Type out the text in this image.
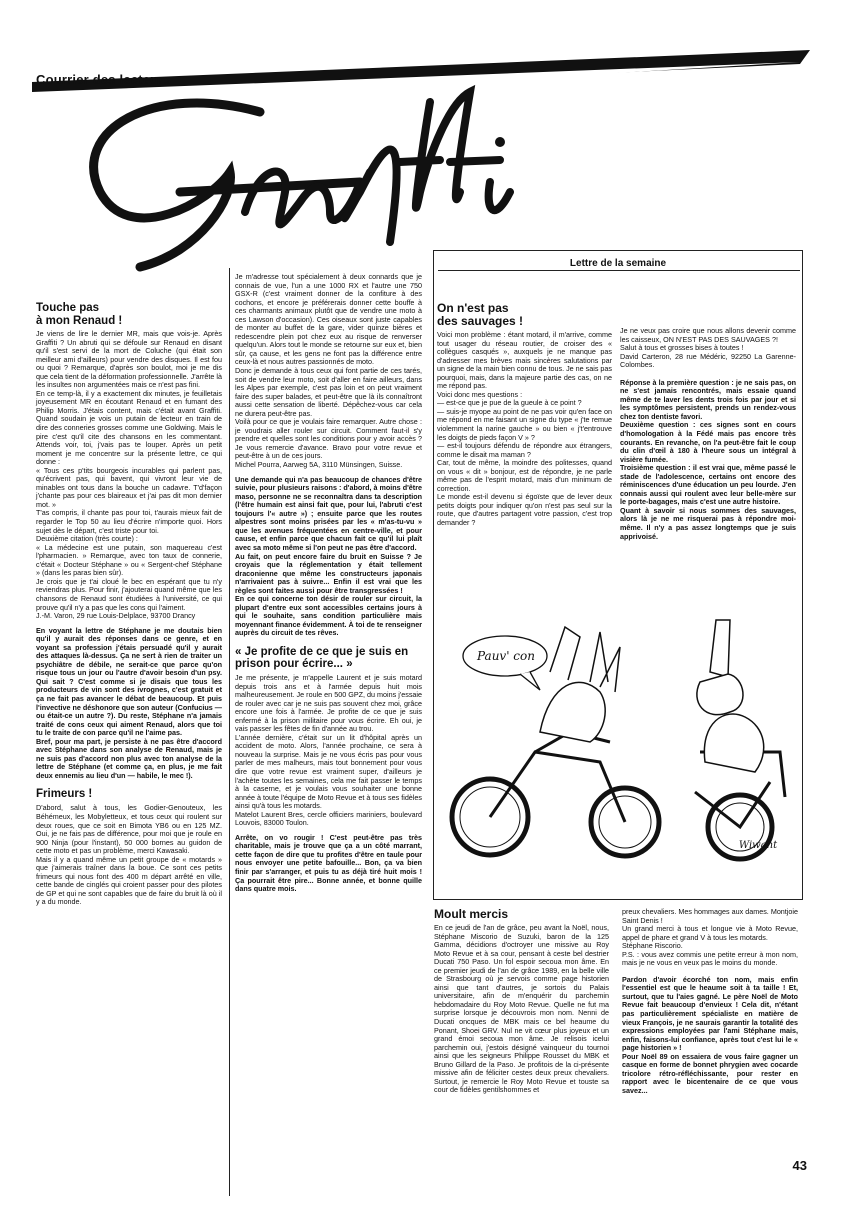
Courrier des lecteurs
Touche pas
à mon Renaud !
Je viens de lire le dernier MR, mais que vois-je. Après Graffiti ? Un abruti qui se défoule sur Renaud en disant qu'il s'est servi de la mort de Coluche (qui était son meilleur ami d'ailleurs) pour vendre des disques. Il est fou ou quoi ? Remarque, d'après son boulot, moi je me dis que cela tient de la déformation professionnelle. J'arrête là les insultes non argumentées mais ce n'est pas fini.
En ce temp-là, il y a exactement dix minutes, je feuilletais joyeusement MR en écoutant Renaud et en fumant des Philip Morris. J'étais content, mais c'était avant Graffiti. Quand soudain je vois un putain de lecteur en train de dire des conneries grosses comme une Goldwing. Mais le pire c'est qu'il cite des chansons en les commentant. Attends voir, toi, j'vais pas te louper. Après un petit moment je me concentre sur la présente lettre, ce qui donne :
« Tous ces p'tits bourgeois incurables qui parlent pas, qu'écrivent pas, qui bavent, qui vivront leur vie de minables ont tous dans la bouche un cadavre. T'd'façon j'chante pas pour ces blaireaux et j'ai pas dit mon dernier mot. »
T'as compris, il chante pas pour toi, t'aurais mieux fait de regarder le Top 50 au lieu d'écrire n'importe quoi. Hors sujet dès le départ, c'est triste pour toi.
Deuxième citation (très courte) :
« La médecine est une putain, son maquereau c'est l'pharmacien. » Remarque, avec ton taux de connerie, c'était « Docteur Stéphane » ou « Sergent-chef Stéphane » (dans les paras bien sûr).
Je crois que je t'ai cloué le bec en espérant que tu n'y reviendras plus. Pour finir, j'ajouterai quand même que les chansons de Renaud sont étudiées à l'université, ce qui prouve qu'il n'y a pas que les cons qui l'aiment.
J.-M. Varon, 29 rue Louis-Delplace, 93700 Drancy
En voyant la lettre de Stéphane je me doutais bien qu'il y aurait des réponses dans ce genre, et en voyant sa profession j'étais persuadé qu'il y aurait des attaques là-dessus. Ça ne sert à rien de traiter un psychiâtre de débile, ne serait-ce que parce qu'on risque tous un jour ou l'autre d'avoir besoin d'un psy. Qui sait ? C'est comme si je disais que tous les producteurs de vin sont des ivrognes, c'est gratuit et ça ne fait pas avancer le débat de beaucoup. Et puis l'invective ne déshonore que son auteur (Confucius — ou était-ce un autre ?). Du reste, Stéphane n'a jamais traité de cons ceux qui aiment Renaud, alors que toi tu le traite de con parce qu'il ne l'aime pas.
Bref, pour ma part, je persiste à ne pas être d'accord avec Stéphane dans son analyse de Renaud, mais je ne suis pas d'accord non plus avec ton analyse de la lettre de Stéphane (et comme ça, en plus, je me fait deux ennemis au lieu d'un — habile, le mec !).
Frimeurs !
D'abord, salut à tous, les Godier-Genouteux, les Béhémeux, les Mobyletteux, et tous ceux qui roulent sur deux roues, que ce soit en Bimota YB6 ou en 125 MZ. Oui, je ne fais pas de différence, pour moi que je roule en 900 Ninja (pour l'instant), 50 000 bornes au guidon de cette moto et pas un problème, merci Kawasaki.
Mais il y a quand même un petit groupe de « motards » que j'aimerais traîner dans la boue. Ce sont ces petits frimeurs qui nous font des 400 m départ arrêté en ville, cette bande de cinglés qui croient passer pour des pilotes de GP et qui ne sont capables que de faire du bruit là où il y a du monde.
Je m'adresse tout spécialement à deux connards que je connais de vue, l'un a une 1000 RX et l'autre une 750 GSX-R (c'est vraiment donner de la confiture à des cochons, et encore je préférerais donner cette bouffe à ces charmants animaux plutôt que de vendre une moto à ces Lawson d'occasion). Ces oiseaux sont juste capables de monter au buffet de la gare, vider quinze bières et redescendre plein pot chez eux au risque de renverser quelqu'un. Alors tout le monde se retourne sur eux et, bien sûr, ça cause, et les gens ne font pas la différence entre ceux-là et nous autres passionnés de moto.
Donc je demande à tous ceux qui font partie de ces tarés, soit de vendre leur moto, soit d'aller en faire ailleurs, dans les Alpes par exemple, c'est pas loin et on peut vraiment faire des super balades, et peut-être que là ils connaîtront aussi cette sensation de liberté. Dépêchez-vous car cela ne durera peut-être pas.
Voilà pour ce que je voulais faire remarquer. Autre chose : je voudrais aller rouler sur circuit. Comment faut-il s'y prendre et quelles sont les conditions pour y avoir accès ? Je vous remercie d'avance. Bravo pour votre revue et peut-être à un de ces jours.
Michel Pourra, Aarweg 5A, 3110 Münsingen, Suisse.
Une demande qui n'a pas beaucoup de chances d'être suivie, pour plusieurs raisons : d'abord, à moins d'être maso, personne ne se reconnaîtra dans ta description (l'être humain est ainsi fait que, pour lui, l'abruti c'est toujours l'« autre ») ; ensuite parce que les routes alpestres sont moins prisées par les « m'as-tu-vu » que les avenues fréquentées en centre-ville, et pour cause, et enfin parce que chacun fait ce qu'il lui plaît avec sa moto même si l'on peut ne pas être d'accord.
Au fait, on peut encore faire du bruit en Suisse ? Je croyais que la réglementation y était tellement draconienne que même les constructeurs japonais n'arrivaient pas à suivre... Enfin il est vrai que les règles sont faites aussi pour être transgressées !
En ce qui concerne ton désir de rouler sur circuit, la plupart d'entre eux sont accessibles certains jours à qui le souhaite, sans condition particulière mais moyennant finance évidemment. À toi de te renseigner auprès du circuit de tes rêves.
« Je profite de ce que je suis en prison pour écrire... »
Je me présente, je m'appelle Laurent et je suis motard depuis trois ans et à l'armée depuis huit mois malheureusement. Je roule en 500 GPZ, du moins j'essaie de rouler avec car je ne suis pas souvent chez moi, grâce encore une fois à l'armée. Je profite de ce que je suis enfermé à la prison militaire pour vous écrire. Eh oui, je vais passer les fêtes de fin d'année au trou.
L'année dernière, c'était sur un lit d'hôpital après un accident de moto. Alors, l'année prochaine, ce sera à nouveau la surprise. Mais je ne vous écris pas pour vous parler de mes malheurs, mais tout bonnement pour vous dire que votre revue est vraiment super, d'ailleurs je l'achète toutes les semaines, cela me fait passer le temps à la caserne, et je voulais vous souhaiter une bonne année à toute l'équipe de Moto Revue et à tous ses fidèles ainsi qu'à tous les motards.
Matelot Laurent Bres, cercle officiers mariniers, boulevard Louvois, 83000 Toulon.
Arrête, on vo rougir ! C'est peut-être pas très charitable, mais je trouve que ça a un côté marrant, cette façon de dire que tu profites d'être en taule pour nous envoyer une petite bafouille... Bon, ça va bien finir par s'arranger, et puis tu as déjà tiré huit mois ! Ça pourrait être pire... Bonne année, et bonne quille dans quatre mois.
Lettre de la semaine
On n'est pas
des sauvages !
Voici mon problème : étant motard, il m'arrive, comme tout usager du réseau routier, de croiser des « collègues casqués », auxquels je ne manque pas d'adresser mes brèves mais sincères salutations par un signe de la main bien connu de tous. Je ne sais pas pourquoi, mais, dans la majeure partie des cas, on ne me répond pas.
Voici donc mes questions :
— est-ce que je pue de la gueule à ce point ?
— suis-je myope au point de ne pas voir qu'en face on me répond en me faisant un signe du type « j'te remue violemment la narine gauche » ou bien « j't'entrouve les doigts de pieds façon V » ?
— est-il toujours défendu de répondre aux étrangers, comme le disait ma maman ?
Car, tout de même, la moindre des politesses, quand on vous « dit » bonjour, est de répondre, je ne parle même pas de l'esprit motard, mais d'un minimum de correction.
Le monde est-il devenu si égoïste que de lever deux petits doigts pour indiquer qu'on n'est pas seul sur la route, que d'autres partagent votre passion, c'est trop demander ?
Je ne veux pas croire que nous allons devenir comme les caisseux, ON N'EST PAS DES SAUVAGES ?!
Salut à tous et grosses bises à toutes !
David Carteron, 28 rue Médéric, 92250 La Garenne-Colombes.
Réponse à la première question : je ne sais pas, on ne s'est jamais rencontrés, mais essaie quand même de te laver les dents trois fois par jour et si les symptômes persistent, prends un rendez-vous chez ton dentiste favori.
Deuxième question : ces signes sont en cours d'homologation à la Fédé mais pas encore très courants. En revanche, on l'a peut-être fait le coup du clin d'œil à 180 à l'heure sous un intégral à visière fumée.
Troisième question : il est vrai que, même passé le stade de l'adolescence, certains ont encore des réminiscences d'une éducation un peu lourde. J'en connais aussi qui roulent avec leur belle-mère sur le porte-bagages, mais c'est une autre histoire.
Quant à savoir si nous sommes des sauvages, alors là je ne me risquerai pas à répondre moi-même. Il n'y a pas assez longtemps que je suis apprivoisé.
Pauv' con
Wiwant
Moult mercis
En ce jeudi de l'an de grâce, peu avant la Noël, nous, Stéphane Miscorio de Suzuki, baron de la 125 Gamma, décidions d'octroyer une missive au Roy Moto Revue et à sa cour, pensant à ceste bel destrier Ducati 750 Paso. Un fol espoir secoua mon âme. En ce premier jeudi de l'an de grâce 1989, en la belle ville de Strasbourg où je servois comme page historien ainsi que tant d'autres, je sortois du Palais universitaire, afin de m'enquérir du parchemin hebdomadaire du Roy Moto Revue. Quelle ne fut ma surprise lorsque je découvrois mon nom. Nenni de Ducati oncques de MBK mais ce bel heaume du Ponant, Shoei GRV. Nul ne vit cœur plus joyeux et un grand émoi secoua mon âme. Je relisois icelui parchemin oui, j'estois désigné vainqueur du tournoi ainsi que les seigneurs Philippe Rousset du MBK et Bruno Gillard de la Paso. Je profitois de la ci-présente missive afin de féliciter cestes deux preux chevaliers. Surtout, je remercie le Roy Moto Revue et touste sa cour de fidèles gentilshommes et
preux chevaliers. Mes hommages aux dames. Montjoie Saint Denis !
Un grand merci à tous et longue vie à Moto Revue, appel de phare et grand V à tous les motards.
Stéphane Riscorio.
P.S. : vous avez commis une petite erreur à mon nom, mais je ne vous en veux pas le moins du monde.
Pardon d'avoir écorché ton nom, mais enfin l'essentiel est que le heaume soit à ta taille ! Et, surtout, que tu l'aies gagné. Le père Noël de Moto Revue fait beaucoup d'envieux ! Cela dit, n'étant pas particulièrement spécialiste en matière de vieux François, je ne saurais garantir la totalité des expressions employées par l'ami Stéphane mais, enfin, faisons-lui confiance, après tout c'est lui le « page historien » !
Pour Noël 89 on essaiera de vous faire gagner un casque en forme de bonnet phrygien avec cocarde tricolore rétro-réfléchissante, pour rester en rapport avec le bicentenaire de ce que vous savez...
43
